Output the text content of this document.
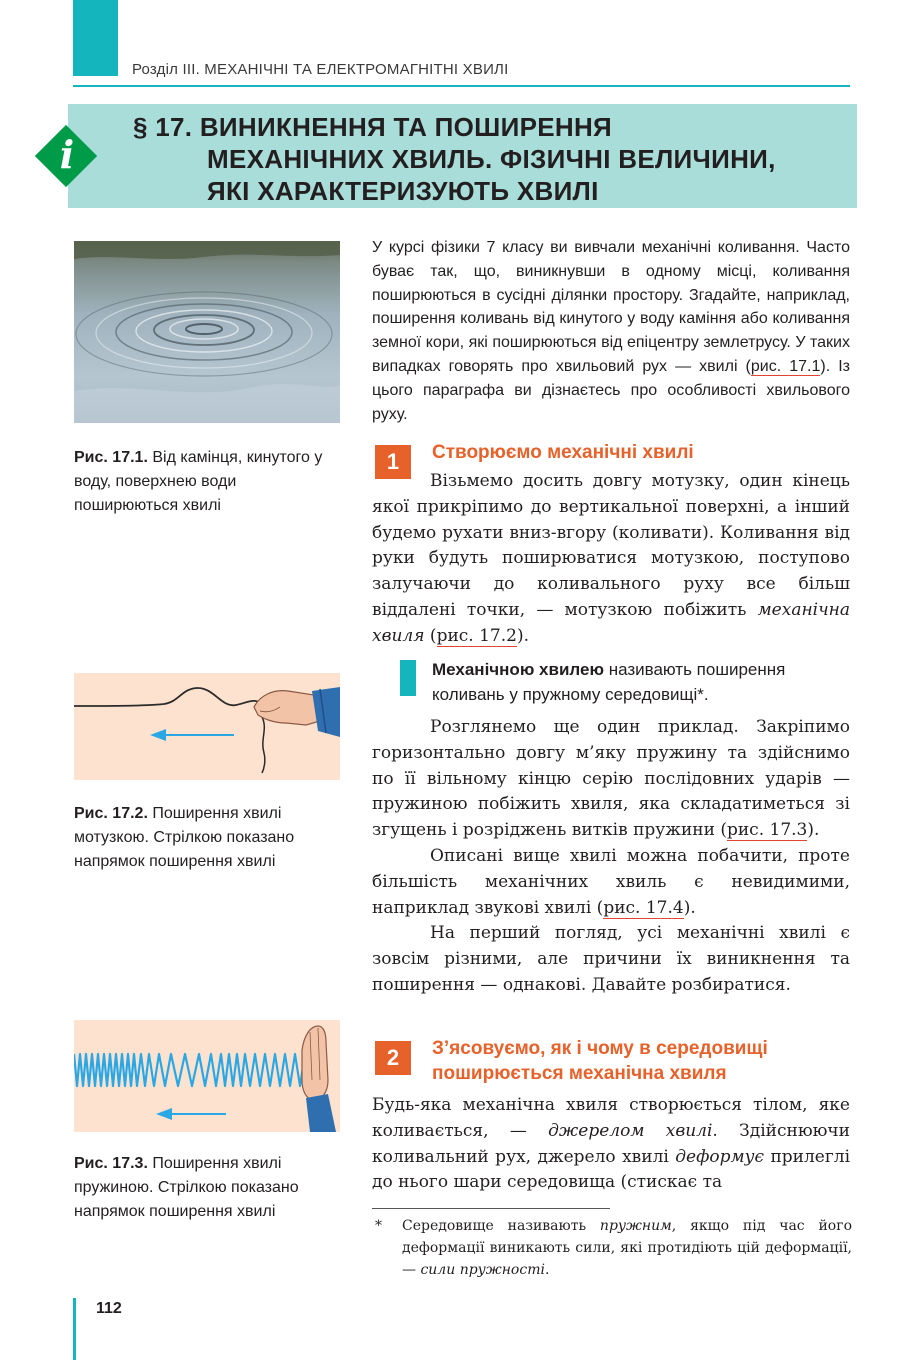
Розділ ІІІ. МЕХАНІЧНІ ТА ЕЛЕКТРОМАГНІТНІ ХВИЛІ
i
§ 17. ВИНИКНЕННЯ ТА ПОШИРЕННЯ
МЕХАНІЧНИХ ХВИЛЬ. ФІЗИЧНІ ВЕЛИЧИНИ,
ЯКІ ХАРАКТЕРИЗУЮТЬ ХВИЛІ
Рис. 17.1. Від камінця, кинутого у воду, поверхнею води поширюються хвилі
Рис. 17.2. Поширення хвилі мотузкою. Стрілкою показано напрямок поширення хвилі
Рис. 17.3. Поширення хвилі пружиною. Стрілкою показано напрямок поширення хвилі
У курсі фізики 7 класу ви вивчали механічні коливання. Часто буває так, що, виникнувши в одному місці, коливання поширюються в сусідні ділянки простору. Згадайте, наприклад, поширення коливань від кинутого у воду каміння або коливання земної кори, які поширюються від епіцентру землетрусу. У таких випадках говорять про хвильовий рух — хвилі (рис. 17.1). Із цього параграфа ви дізнаєтесь про особливості хвильового руху.
1	Створюємо механічні хвилі

Візьмемо досить довгу мотузку, один кінець якої прикріпимо до вертикальної поверхні, а інший будемо рухати вниз-вгору (коливати). Коливання від руки будуть поширюватися мотузкою, поступово залучаючи до коливального руху все більш віддалені точки, — мотузкою побіжить механічна хвиля (рис. 17.2).

Механічною хвилею називають поширення коливань у пружному середовищі*.

Розглянемо ще один приклад. Закріпимо горизонтально довгу м’яку пружину та здійснимо по її вільному кінцю серію послідовних ударів — пружиною побіжить хвиля, яка складатиметься зі згущень і розріджень витків пружини (рис. 17.3).

Описані вище хвилі можна побачити, проте більшість механічних хвиль є невидимими, наприклад звукові хвилі (рис. 17.4).

На перший погляд, усі механічні хвилі є зовсім різними, але причини їх виникнення та поширення — однакові. Давайте розбиратися.

2	З’ясовуємо, як і чому в середовищі
поширюється механічна хвиля

Будь-яка механічна хвиля створюється тілом, яке коливається, — джерелом хвилі. Здійснюючи коливальний рух, джерело хвилі деформує прилеглі до нього шари середовища (стискає та

*	Середовище називають пружним, якщо під час його деформації виникають сили, які протидіють цій деформації, — сили пружності.
112
